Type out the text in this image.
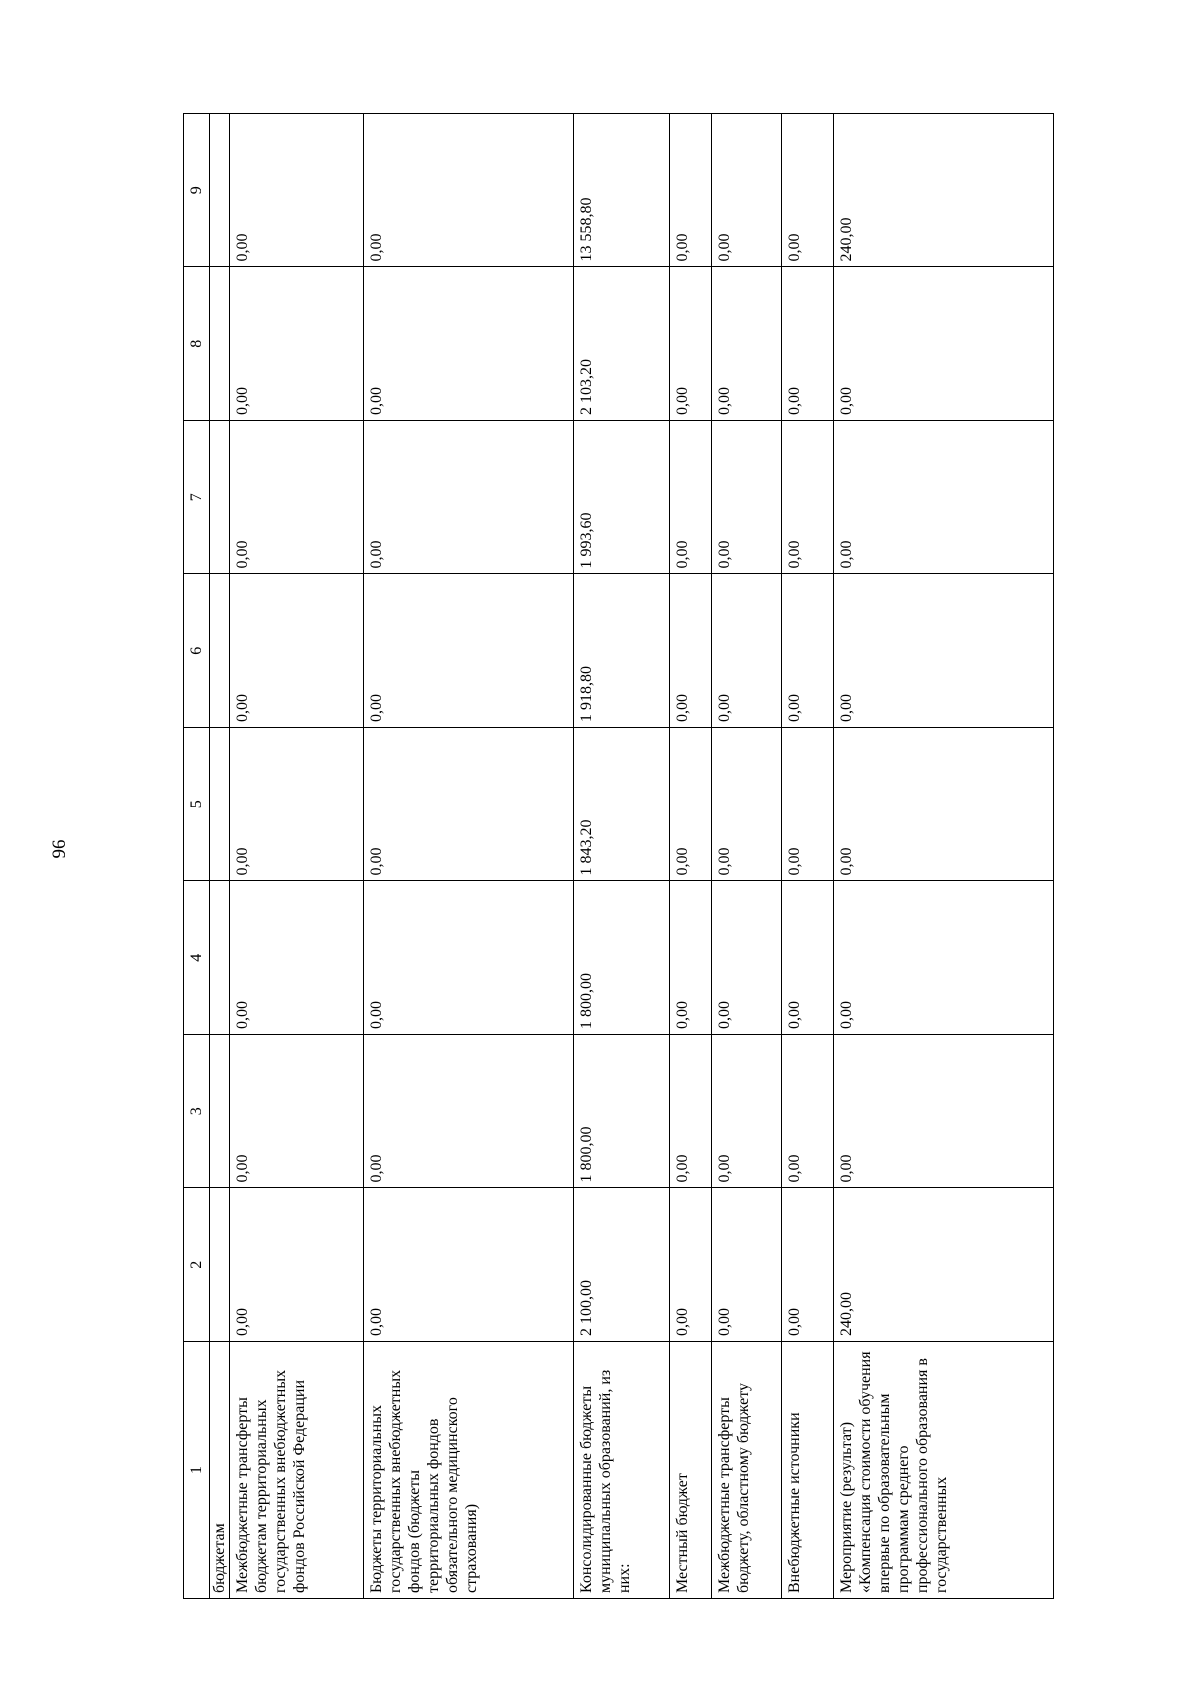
96
1	2	3	4	5	6	7	8	9
бюджетам								
Межбюджетные трансферты бюджетам территориальных государственных внебюджетных фондов Российской Федерации	0,00	0,00	0,00	0,00	0,00	0,00	0,00	0,00
Бюджеты территориальных государственных внебюджетных фондов (бюджеты территориальных фондов обязательного медицинского страхования)	0,00	0,00	0,00	0,00	0,00	0,00	0,00	0,00
Консолидированные бюджеты муниципальных образований, из них:	2 100,00	1 800,00	1 800,00	1 843,20	1 918,80	1 993,60	2 103,20	13 558,80
Местный бюджет	0,00	0,00	0,00	0,00	0,00	0,00	0,00	0,00
Межбюджетные трансферты бюджету, областному бюджету	0,00	0,00	0,00	0,00	0,00	0,00	0,00	0,00
Внебюджетные источники	0,00	0,00	0,00	0,00	0,00	0,00	0,00	0,00
Мероприятие (результат) «Компенсация стоимости обучения впервые по образовательным программам среднего профессионального образования в государственных	240,00	0,00	0,00	0,00	0,00	0,00	0,00	240,00
